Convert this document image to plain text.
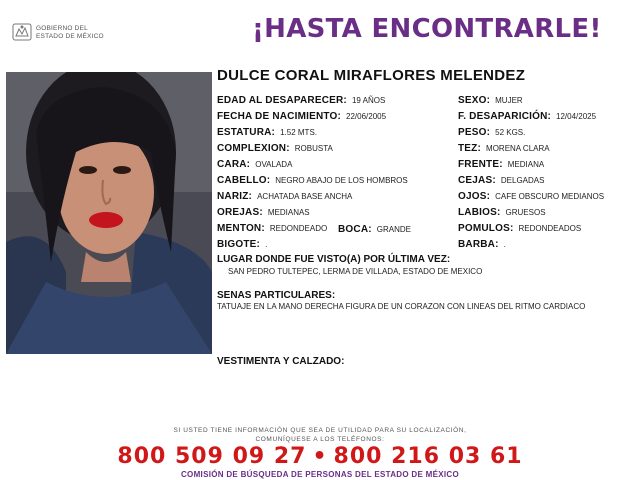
GOBIERNO DEL
ESTADO DE MÉXICO	¡HASTA ENCONTRARLE!
DULCE CORAL MIRAFLORES MELENDEZ
EDAD AL DESAPARECER: 19 AÑOS
FECHA DE NACIMIENTO: 22/06/2005
ESTATURA: 1.52 MTS.
COMPLEXION: ROBUSTA
CARA: OVALADA
CABELLO: NEGRO ABAJO DE LOS HOMBROS
NARIZ: ACHATADA BASE ANCHA
OREJAS: MEDIANAS
MENTON: REDONDEADO BOCA: GRANDE
BIGOTE: .
SEXO: MUJER
F. DESAPARICIÓN: 12/04/2025
PESO: 52 KGS.
TEZ: MORENA CLARA
FRENTE: MEDIANA
CEJAS: DELGADAS
OJOS: CAFE OBSCURO MEDIANOS
LABIOS: GRUESOS
POMULOS: REDONDEADOS
BARBA: .
LUGAR DONDE FUE VISTO(A) POR ÚLTIMA VEZ:
SAN PEDRO TULTEPEC, LERMA DE VILLADA, ESTADO DE MEXICO
SENAS PARTICULARES:
TATUAJE EN LA MANO DERECHA FIGURA DE UN CORAZON CON LINEAS DEL RITMO CARDIACO
VESTIMENTA Y CALZADO:
SI USTED TIENE INFORMACIÓN QUE SEA DE UTILIDAD PARA SU LOCALIZACIÓN,
COMUNÍQUESE A LOS TELÉFONOS:
800 509 09 27 • 800 216 03 61
COMISIÓN DE BÚSQUEDA DE PERSONAS DEL ESTADO DE MÉXICO
